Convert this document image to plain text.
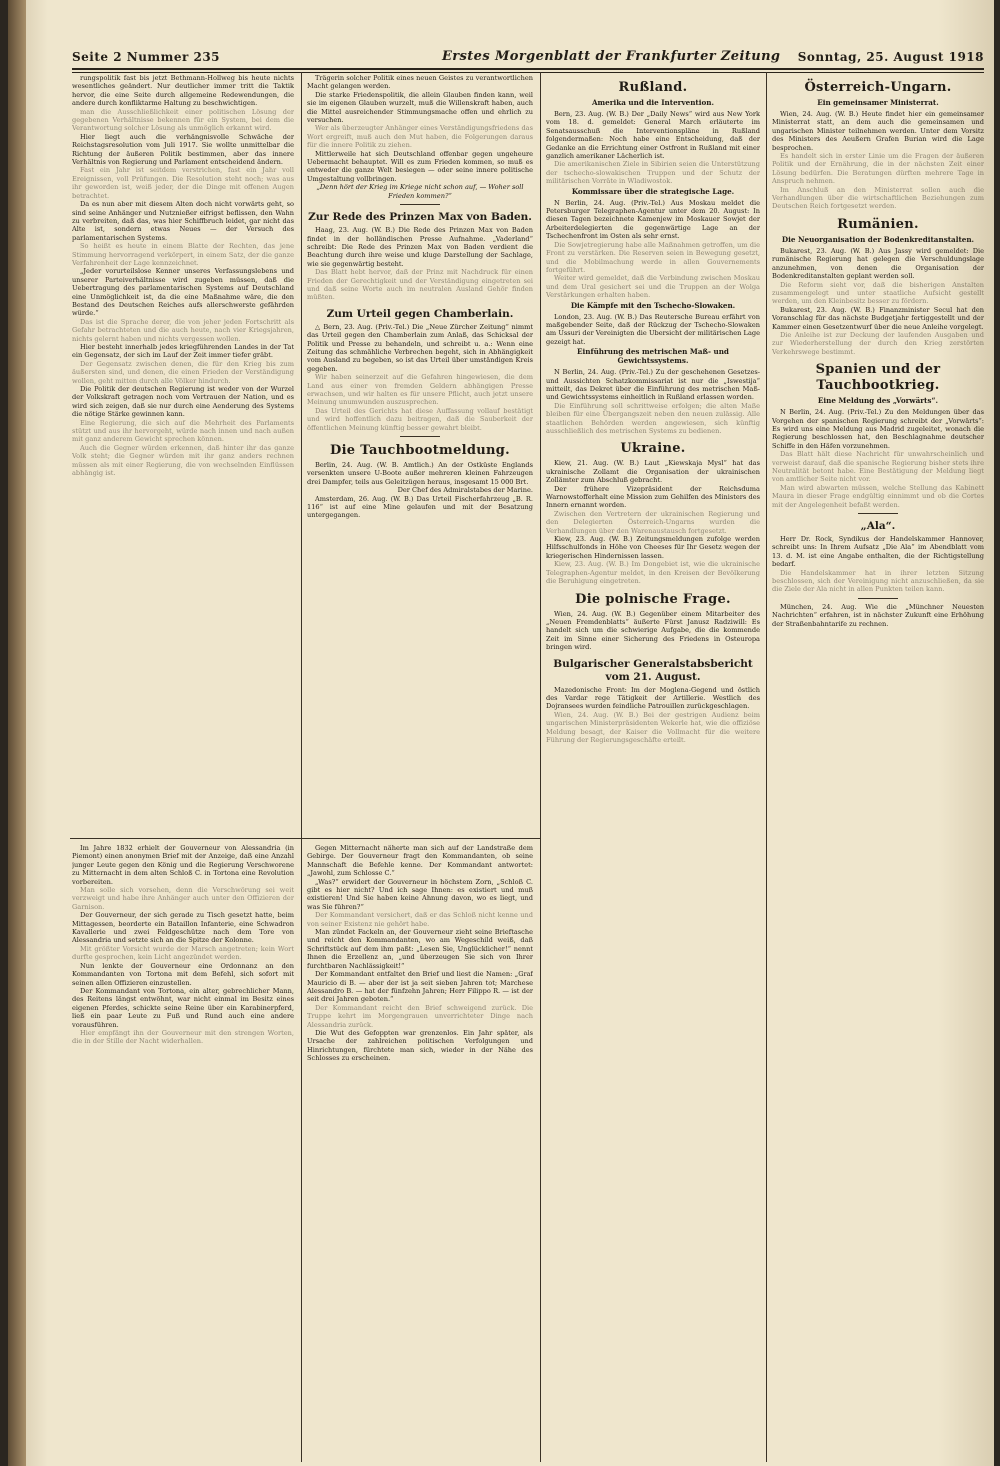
Seite 2 Nummer 235	Erstes Morgenblatt der Frankfurter Zeitung Sonntag, 25. August 1918

rungspolitik fast bis jetzt Bethmann-Hollweg bis heute nichts wesentliches geändert. Nur deutlicher immer tritt die Taktik hervor, die eine Seite durch allgemeine Redewendungen, die andere durch konfliktarme Haltung zu beschwichtigen.

man die Ausschließlichkeit einer politischen Lösung der gegebenen Verhältnisse bekennen für ein System, bei dem die Verantwortung solcher Lösung als unmöglich erkannt wird.

Hier liegt auch die verhängnisvolle Schwäche der Reichstagsresolution vom Juli 1917. Sie wollte unmittelbar die Richtung der äußeren Politik bestimmen, aber das innere Verhältnis von Regierung und Parlament entscheidend ändern.

Fast ein Jahr ist seitdem verstrichen, fast ein Jahr voll Ereignissen, voll Prüfungen. Die Resolution steht noch; was aus ihr geworden ist, weiß jeder, der die Dinge mit offenen Augen betrachtet.

Da es nun aber mit diesem Alten doch nicht vorwärts geht, so sind seine Anhänger und Nutznießer eifrigst beflissen, den Wahn zu verbreiten, daß das, was hier Schiffbruch leidet, gar nicht das Alte ist, sondern etwas Neues — der Versuch des parlamentarischen Systems.

So heißt es heute in einem Blatte der Rechten, das jene Stimmung hervorragend verkörpert, in einem Satz, der die ganze Verfahrenheit der Lage kennzeichnet.

„Jeder vorurteilslose Kenner unseres Verfassungslebens und unserer Parteiverhältnisse wird zugeben müssen, daß die Uebertragung des parlamentarischen Systems auf Deutschland eine Unmöglichkeit ist, da die eine Maßnahme wäre, die den Bestand des Deutschen Reiches aufs allerschwerste gefährden würde.“

Das ist die Sprache derer, die von jeher jeden Fortschritt als Gefahr betrachteten und die auch heute, nach vier Kriegsjahren, nichts gelernt haben und nichts vergessen wollen.

Hier besteht innerhalb jedes kriegführenden Landes in der Tat ein Gegensatz, der sich im Lauf der Zeit immer tiefer gräbt.

Der Gegensatz zwischen denen, die für den Krieg bis zum äußersten sind, und denen, die einen Frieden der Verständigung wollen, geht mitten durch alle Völker hindurch.

Die Politik der deutschen Regierung ist weder von der Wurzel der Volkskraft getragen noch vom Vertrauen der Nation, und es wird sich zeigen, daß sie nur durch eine Aenderung des Systems die nötige Stärke gewinnen kann.

Eine Regierung, die sich auf die Mehrheit des Parlaments stützt und aus ihr hervorgeht, würde nach innen und nach außen mit ganz anderem Gewicht sprechen können.

Auch die Gegner würden erkennen, daß hinter ihr das ganze Volk steht; die Gegner würden mit ihr ganz anders rechnen müssen als mit einer Regierung, die von wechselnden Einflüssen abhängig ist.

Trägerin solcher Politik eines neuen Geistes zu verantwortlichen Macht gelangen werden.

Die starke Friedenspolitik, die allein Glauben finden kann, weil sie im eigenen Glauben wurzelt, muß die Willenskraft haben, auch die Mittel ausreichender Stimmungsmache offen und ehrlich zu versuchen.

Wer als überzeugter Anhänger eines Verständigungsfriedens das Wort ergreift, muß auch den Mut haben, die Folgerungen daraus für die innere Politik zu ziehen.

Mittlerweile hat sich Deutschland offenbar gegen ungeheure Uebermacht behauptet. Will es zum Frieden kommen, so muß es entweder die ganze Welt besiegen — oder seine innere politische Umgestaltung vollbringen.

„Denn hört der Krieg im Kriege nicht schon auf, — Woher soll Frieden kommen?“

Zur Rede des Prinzen Max von Baden.

Haag, 23. Aug. (W. B.) Die Rede des Prinzen Max von Baden findet in der holländischen Presse Aufnahme. „Vaderland“ schreibt: Die Rede des Prinzen Max von Baden verdient die Beachtung durch ihre weise und kluge Darstellung der Sachlage, wie sie gegenwärtig besteht.

Das Blatt hebt hervor, daß der Prinz mit Nachdruck für einen Frieden der Gerechtigkeit und der Verständigung eingetreten sei und daß seine Worte auch im neutralen Ausland Gehör finden müßten.

Zum Urteil gegen Chamberlain.

△ Bern, 23. Aug. (Priv.-Tel.) Die „Neue Zürcher Zeitung“ nimmt das Urteil gegen den Chamberlain zum Anlaß, das Schicksal der Politik und Presse zu behandeln, und schreibt u. a.: Wenn eine Zeitung das schmähliche Verbrechen begeht, sich in Abhängigkeit vom Ausland zu begeben, so ist das Urteil über umständigen Kreis gegeben.

Wir haben seinerzeit auf die Gefahren hingewiesen, die dem Land aus einer von fremden Geldern abhängigen Presse erwachsen, und wir halten es für unsere Pflicht, auch jetzt unsere Meinung unumwunden auszusprechen.

Das Urteil des Gerichts hat diese Auffassung vollauf bestätigt und wird hoffentlich dazu beitragen, daß die Sauberkeit der öffentlichen Meinung künftig besser gewahrt bleibt.

Die Tauchbootmeldung.

Berlin, 24. Aug. (W. B. Amtlich.) An der Ostküste Englands versenkten unsere U-Boote außer mehreren kleinen Fahrzeugen drei Dampfer, teils aus Geleitzügen heraus, insgesamt 15 000 Brt.

Der Chef des Admiralstabes der Marine.

Amsterdam, 26. Aug. (W. B.) Das Urteil Fischerfahrzeug „B. R. 116“ ist auf eine Mine gelaufen und mit der Besatzung untergegangen.

Rußland.
Amerika und die Intervention.

Bern, 23. Aug. (W. B.) Der „Daily News“ wird aus New York vom 18. d. gemeldet: General March erläuterte im Senatsausschuß die Interventionspläne in Rußland folgendermaßen: Noch habe eine Entscheidung, daß der Gedanke an die Errichtung einer Ostfront in Rußland mit einer ganzlich amerikaner Lächerlich ist.

Die amerikanischen Ziele in Sibirien seien die Unterstützung der tschecho-slowakischen Truppen und der Schutz der militärischen Vorräte in Wladiwostok.

Kommissare über die strategische Lage.

N Berlin, 24. Aug. (Priv.-Tel.) Aus Moskau meldet die Petersburger Telegraphen-Agentur unter dem 20. August: In diesen Tagen bezeichnete Kamenjew im Moskauer Sowjet der Arbeiterdelegierten die gegenwärtige Lage an der Tschechenfront im Osten als sehr ernst.

Die Sowjetregierung habe alle Maßnahmen getroffen, um die Front zu verstärken. Die Reserven seien in Bewegung gesetzt, und die Mobilmachung werde in allen Gouvernements fortgeführt.

Weiter wird gemeldet, daß die Verbindung zwischen Moskau und dem Ural gesichert sei und die Truppen an der Wolga Verstärkungen erhalten haben.

Die Kämpfe mit den Tschecho-Slowaken.

London, 23. Aug. (W. B.) Das Reutersche Bureau erfährt von maßgebender Seite, daß der Rückzug der Tschecho-Slowaken am Ussuri der Vereinigten die Ubersicht der militärischen Lage gezeigt hat.

Einführung des metrischen Maß- und Gewichtssystems.

N Berlin, 24. Aug. (Priv.-Tel.) Zu der geschehenen Gesetzes- und Aussichten Schatzkommissariat ist nur die „Iswestija“ mitteilt, das Dekret über die Einführung des metrischen Maß- und Gewichtssystems einheitlich in Rußland erlassen worden.

Die Einführung soll schrittweise erfolgen; die alten Maße bleiben für eine Übergangszeit neben den neuen zulässig. Alle staatlichen Behörden werden angewiesen, sich künftig ausschließlich des metrischen Systems zu bedienen.

Ukraine.

Kiew, 21. Aug. (W. B.) Laut „Kiewskaja Mysl“ hat das ukrainische Zollamt die Organisation der ukrainischen Zollämter zum Abschluß gebracht.

Der frühere Vizepräsident der Reichsduma Warnowstofferhalt eine Mission zum Gehilfen des Ministers des Innern ernannt worden.

Zwischen den Vertretern der ukrainischen Regierung und den Delegierten Österreich-Ungarns wurden die Verhandlungen über den Warenaustausch fortgesetzt.

Kiew, 23. Aug. (W. B.) Zeitungsmeldungen zufolge werden Hilfsschulfonds in Höhe von Cheeses für Ihr Gesetz wegen der kriegerischen Hindernissen lassen.

Kiew, 23. Aug. (W. B.) Im Dongebiet ist, wie die ukrainische Telegraphen-Agentur meldet, in den Kreisen der Bevölkerung die Beruhigung eingetreten.

Die polnische Frage.

Wien, 24. Aug. (W. B.) Gegenüber einem Mitarbeiter des „Neuen Fremdenblatts“ äußerte Fürst Janusz Radziwill: Es handelt sich um die schwierige Aufgabe, die die kommende Zeit im Sinne einer Sicherung des Friedens in Osteuropa bringen wird.

Bulgarischer Generalstabsbericht vom 21. August.

Mazedonische Front: Im der Moglena-Gegend und östlich des Vardar rege Tätigkeit der Artillerie. Westlich des Dojransees wurden feindliche Patrouillen zurückgeschlagen.

Wien, 24. Aug. (W. B.) Bei der gestrigen Audienz beim ungarischen Ministerpräsidenten Wekerle hat, wie die offiziöse Meldung besagt, der Kaiser die Vollmacht für die weitere Führung der Regierungsgeschäfte erteilt.

Österreich-Ungarn.
Ein gemeinsamer Ministerrat.

Wien, 24. Aug. (W. B.) Heute findet hier ein gemeinsamer Ministerrat statt, an dem auch die gemeinsamen und ungarischen Minister teilnehmen werden. Unter dem Vorsitz des Ministers des Aeußern Grafen Burian wird die Lage besprochen.

Es handelt sich in erster Linie um die Fragen der äußeren Politik und der Ernährung, die in der nächsten Zeit einer Lösung bedürfen. Die Beratungen dürften mehrere Tage in Anspruch nehmen.

Im Anschluß an den Ministerrat sollen auch die Verhandlungen über die wirtschaftlichen Beziehungen zum Deutschen Reich fortgesetzt werden.

Rumänien.
Die Neuorganisation der Bodenkreditanstalten.

Bukarest, 23. Aug. (W. B.) Aus Jassy wird gemeldet: Die rumänische Regierung hat gelegen die Verschuldungslage anzunehmen, von denen die Organisation der Bodenkreditanstalten geplant werden soll.

Die Reform sieht vor, daß die bisherigen Anstalten zusammengelegt und unter staatliche Aufsicht gestellt werden, um den Kleinbesitz besser zu fördern.

Bukarest, 23. Aug. (W. B.) Finanzminister Secul hat den Voranschlag für das nächste Budgetjahr fertiggestellt und der Kammer einen Gesetzentwurf über die neue Anleihe vorgelegt.

Die Anleihe ist zur Deckung der laufenden Ausgaben und zur Wiederherstellung der durch den Krieg zerstörten Verkehrswege bestimmt.

Spanien und der Tauchbootkrieg.
Eine Meldung des „Vorwärts“.

N Berlin, 24. Aug. (Priv.-Tel.) Zu den Meldungen über das Vorgehen der spanischen Regierung schreibt der „Vorwärts“: Es wird uns eine Meldung aus Madrid zugeleitet, wonach die Regierung beschlossen hat, den Beschlagnahme deutscher Schiffe in den Häfen vorzunehmen.

Das Blatt hält diese Nachricht für unwahrscheinlich und verweist darauf, daß die spanische Regierung bisher stets ihre Neutralität betont habe. Eine Bestätigung der Meldung liegt von amtlicher Seite nicht vor.

Man wird abwarten müssen, welche Stellung das Kabinett Maura in dieser Frage endgültig einnimmt und ob die Cortes mit der Angelegenheit befaßt werden.

„Ala“.

Herr Dr. Rock, Syndikus der Handelskammer Hannover, schreibt uns: In Ihrem Aufsatz „Die Ala“ im Abendblatt vom 13. d. M. ist eine Angabe enthalten, die der Richtigstellung bedarf.

Die Handelskammer hat in ihrer letzten Sitzung beschlossen, sich der Vereinigung nicht anzuschließen, da sie die Ziele der Ala nicht in allen Punkten teilen kann.

München, 24. Aug. Wie die „Münchner Neuesten Nachrichten“ erfahren, ist in nächster Zukunft eine Erhöhung der Straßenbahntarife zu rechnen.

Im Jahre 1832 erhielt der Gouverneur von Alessandria (in Piemont) einen anonymen Brief mit der Anzeige, daß eine Anzahl junger Leute gegen den König und die Regierung Verschworene zu Mitternacht in dem alten Schloß C. in Tortona eine Revolution vorbereiten.

Man solle sich vorsehen, denn die Verschwörung sei weit verzweigt und habe ihre Anhänger auch unter den Offizieren der Garnison.

Der Gouverneur, der sich gerade zu Tisch gesetzt hatte, beim Mittagessen, beorderte ein Bataillon Infanterie, eine Schwadron Kavallerie und zwei Feldgeschütze nach dem Tore von Alessandria und setzte sich an die Spitze der Kolonne.

Mit größter Vorsicht wurde der Marsch angetreten; kein Wort durfte gesprochen, kein Licht angezündet werden.

Nun lenkte der Gouverneur eine Ordonnanz an den Kommandanten von Tortona mit dem Befehl, sich sofort mit seinen allen Offizieren einzustellen.

Der Kommandant von Tortona, ein alter, gebrechlicher Mann, des Reitens längst entwöhnt, war nicht einmal im Besitz eines eigenen Pferdes, schickte seine Reine über ein Karabinerpferd, ließ ein paar Leute zu Fuß und Rund auch eine andere vorausführen.

Hier empfängt ihn der Gouverneur mit den strengen Worten, die in der Stille der Nacht widerhallen.

Gegen Mitternacht näherte man sich auf der Landstraße dem Gebirge. Der Gouverneur fragt den Kommandanten, ob seine Mannschaft die Befehle kenne. Der Kommandant antwortet: „Jawohl, zum Schlosse C.“

„Was?“ erwidert der Gouverneur in höchstem Zorn, „Schloß C. gibt es hier nicht? Und ich sage Ihnen: es existiert und muß existieren! Und Sie haben keine Ahnung davon, wo es liegt, und was Sie führen?“

Der Kommandant versichert, daß er das Schloß nicht kenne und von seiner Existenz nie gehört habe.

Man zündet Fackeln an, der Gouverneur zieht seine Brieftasche und reicht den Kommandanten, wo am Wegeschild weiß, daß Schriftstück auf dem ihm paßt: „Lesen Sie, Unglücklicher!“ nennt Ihnen die Erzellenz an, „und überzeugen Sie sich von Ihrer furchtbaren Nachlässigkeit!“

Der Kommandant entfaltet den Brief und liest die Namen: „Graf Mauricio di B. — aber der ist ja seit sieben Jahren tot; Marchese Alessandro B. — hat der fünfzehn Jahren; Herr Filippo R. — ist der seit drei Jahren geboten.“

Der Kommandant reicht den Brief schweigend zurück. Die Truppe kehrt im Morgengrauen unverrichteter Dinge nach Alessandria zurück.

Die Wut des Gefoppten war grenzenlos. Ein Jahr später, als Ursache der zahlreichen politischen Verfolgungen und Hinrichtungen, fürchtete man sich, wieder in der Nähe des Schlosses zu erscheinen.
